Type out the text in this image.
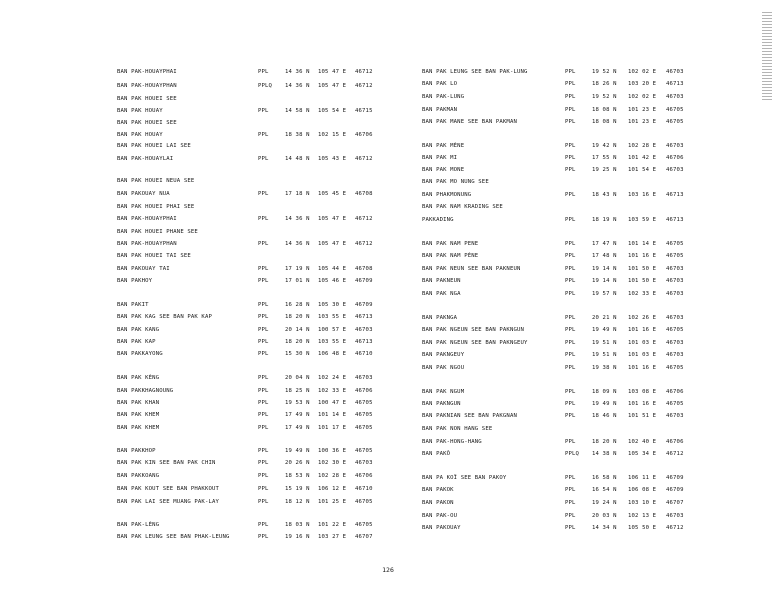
BAN PAK-HOUAYPHAI	PPL	14 36 N 105 47 E 46712
BAN PAK-HOUAYPHAN	PPLQ 14 36 N 105 47 E 46712
BAN PAK HOUEI SEE
BAN PAK HOUAY	PPL	14 58 N 105 54 E 46715
BAN PAK HOUEI SEE
BAN PAK HOUAY	PPL	18 38 N 102 15 E 46706
BAN PAK HOUEI LAI SEE
BAN PAK-HOUAYLAI	PPL	14 48 N 105 43 E 46712
BAN PAK HOUEI NEUA SEE
BAN PAKOUAY NUA	PPL	17 18 N 105 45 E 46708
BAN PAK HOUEI PHAI SEE
BAN PAK-HOUAYPHAI	PPL	14 36 N 105 47 E 46712
BAN PAK HOUEI PHANE SEE
BAN PAK-HOUAYPHAN	PPL	14 36 N 105 47 E 46712
BAN PAK HOUEI TAI SEE
BAN PAKOUAY TAI	PPL	17 19 N 105 44 E 46708
BAN PAKHOY	PPL	17 01 N 105 46 E 46709
BAN PAKIT	PPL	16 28 N 105 30 E 46709
BAN PAK KAG SEE BAN PAK KAP	PPL	18 20 N 103 55 E 46713
BAN PAK KANG	PPL	20 14 N 100 57 E 46703
BAN PAK KAP	PPL	18 20 N 103 55 E 46713
BAN PAKKAYONG	PPL	15 30 N 106 48 E 46710
BAN PAK KÈNG	PPL	20 04 N 102 24 E 46703
BAN PAKKHAGNOUNG	PPL	18 25 N 102 33 E 46706
BAN PAK KHAN	PPL	19 53 N 100 47 E 46705
BAN PAK KHEM	PPL	17 49 N 101 14 E 46705
BAN PAK KHEM	PPL	17 49 N 101 17 E 46705
BAN PAKKHOP	PPL	19 49 N 100 36 E 46705
BAN PAK KIN SEE BAN PAK CHIN	PPL	20 26 N 102 30 E 46703
BAN PAKKOANG	PPL	18 53 N 102 28 E 46706
BAN PAK KOUT SEE BAN PHAKKOUT	PPL	15 19 N 106 12 E 46710
BAN PAK LAI SEE MUANG PAK-LAY	PPL	18 12 N 101 25 E 46705
BAN PAK-LÈNG	PPL	18 03 N 101 22 E 46705
BAN PAK LEUNG SEE BAN PHAK-LEUNG	PPL	19 16 N 103 27 E 46707
BAN PAK LEUNG SEE BAN PAK-LUNG	PPL	19 52 N 102 02 E 46703
BAN PAK LO	PPL	18 26 N 103 20 E 46713
BAN PAK-LUNG	PPL	19 52 N 102 02 E 46703
BAN PAKMAN	PPL	18 08 N 101 23 E 46705
BAN PAK MANE SEE BAN PAKMAN	PPL	18 08 N 101 23 E 46705
BAN PAK MÈNE	PPL	19 42 N 102 28 E 46703
BAN PAK MI	PPL	17 55 N 101 42 E 46706
BAN PAK MONE	PPL	19 25 N 101 54 E 46703
BAN PAK MO NUNG SEE
BAN PHAKMONUNG	PPL	18 43 N 103 16 E 46713
BAN PAK NAM KRADING SEE
PAKKADING	PPL	18 19 N 103 59 E 46713
BAN PAK NAM PENE	PPL	17 47 N 101 14 E 46705
BAN PAK NAM PÈNE	PPL	17 48 N 101 16 E 46705
BAN PAK NEUN SEE BAN PAKNEUN	PPL	19 14 N 101 50 E 46703
BAN PAKNEUN	PPL	19 14 N 101 50 E 46703
BAN PAK NGA	PPL	19 57 N 102 33 E 46703
BAN PAKNGA	PPL	20 21 N 102 26 E 46703
BAN PAK NGEUN SEE BAN PAKNGUN	PPL	19 49 N 101 16 E 46705
BAN PAK NGEUN SEE BAN PAKNGEUY	PPL	19 51 N 101 03 E 46703
BAN PAKNGEUY	PPL	19 51 N 101 03 E 46703
BAN PAK NGOU	PPL	19 38 N 101 16 E 46705
BAN PAK NGUM	PPL	18 09 N 103 08 E 46706
BAN PAKNGUN	PPL	19 49 N 101 16 E 46705
BAN PAKNIAN SEE BAN PAKGNAN	PPL	18 46 N 101 51 E 46703
BAN PAK NON HANG SEE
BAN PAK-HONG-HANG	PPL	18 20 N 102 40 E 46706
BAN PAKÔ	PPLQ 14 38 N 105 34 E 46712
BAN PA KOÏ SEE BAN PAKOY	PPL	16 58 N 106 11 E 46709
BAN PAKOK	PPL	16 54 N 106 08 E 46709
BAN PAKON	PPL	19 24 N 103 10 E 46707
BAN PAK-OU	PPL	20 03 N 102 13 E 46703
BAN PAKOUAY	PPL	14 34 N 105 50 E 46712
126
